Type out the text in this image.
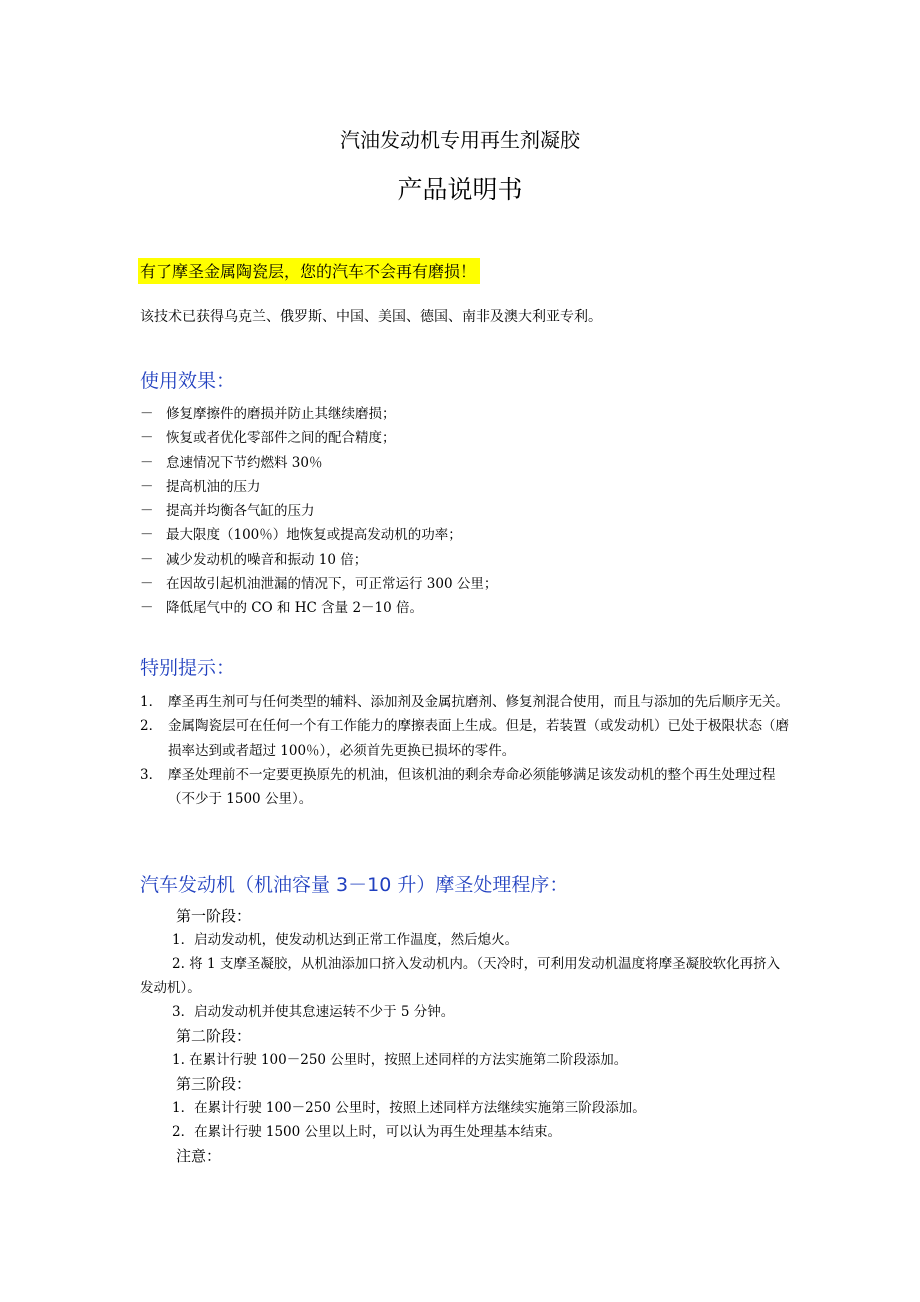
汽油发动机专用再生剂凝胶
产品说明书
有了摩圣金属陶瓷层，您的汽车不会再有磨损！
该技术已获得乌克兰、俄罗斯、中国、美国、德国、南非及澳大利亚专利。
使用效果：
－ 修复摩擦件的磨损并防止其继续磨损；
－ 恢复或者优化零部件之间的配合精度；
－ 怠速情况下节约燃料 30％
－ 提高机油的压力
－ 提高并均衡各气缸的压力
－ 最大限度（100％）地恢复或提高发动机的功率；
－ 减少发动机的噪音和振动 10 倍；
－ 在因故引起机油泄漏的情况下，可正常运行 300 公里；
－ 降低尾气中的 CO 和 HC 含量 2－10 倍。
特别提示：
1． 摩圣再生剂可与任何类型的辅料、添加剂及金属抗磨剂、修复剂混合使用，而且与添加的先后顺序无关。
2． 金属陶瓷层可在任何一个有工作能力的摩擦表面上生成。但是，若装置（或发动机）已处于极限状态（磨损率达到或者超过 100％），必须首先更换已损坏的零件。
3． 摩圣处理前不一定要更换原先的机油，但该机油的剩余寿命必须能够满足该发动机的整个再生处理过程（不少于 1500 公里）。
汽车发动机（机油容量 3－10 升）摩圣处理程序：
第一阶段：
1．启动发动机，使发动机达到正常工作温度，然后熄火。
2. 将 1 支摩圣凝胶，从机油添加口挤入发动机内。（天冷时，可利用发动机温度将摩圣凝胶软化再挤入发动机）。
3．启动发动机并使其怠速运转不少于 5 分钟。
第二阶段：
1. 在累计行驶 100－250 公里时，按照上述同样的方法实施第二阶段添加。
第三阶段：
1．在累计行驶 100－250 公里时，按照上述同样方法继续实施第三阶段添加。
2．在累计行驶 1500 公里以上时，可以认为再生处理基本结束。
注意：
